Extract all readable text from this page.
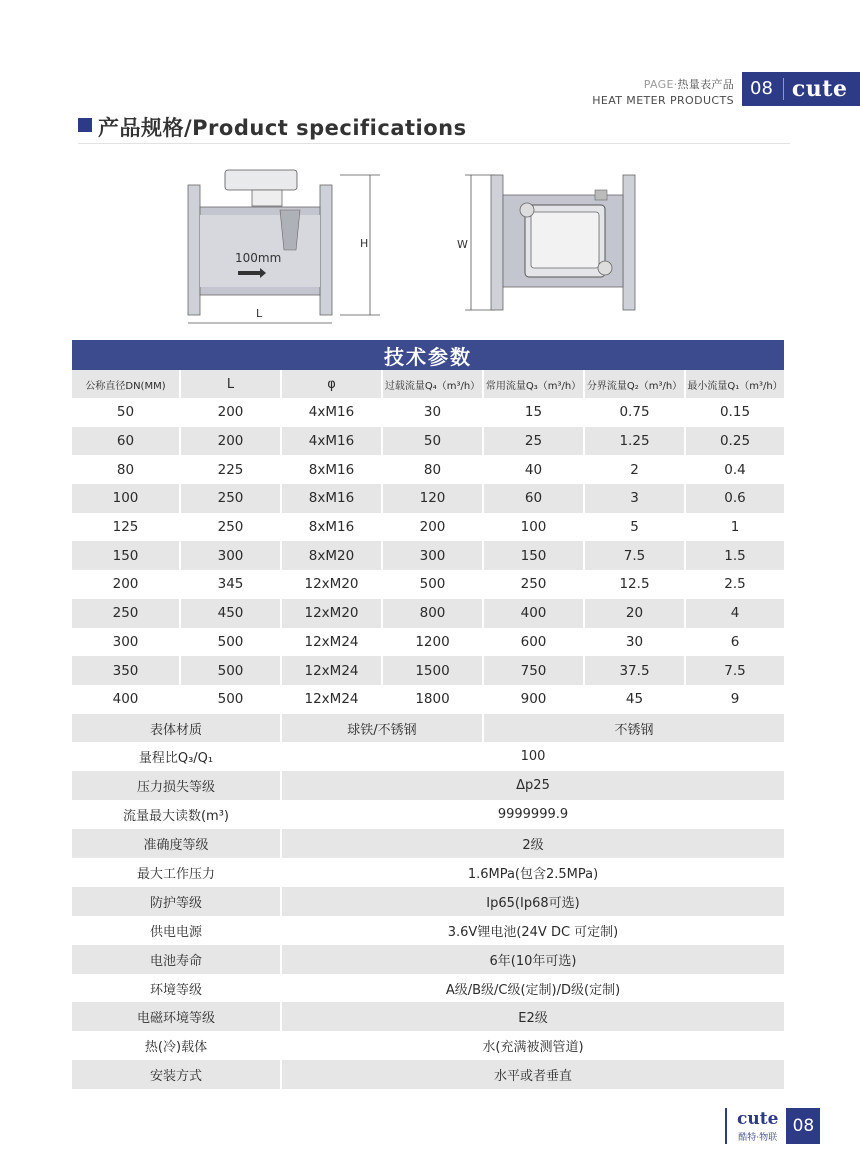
PAGE·热量表产品
HEAT METER PRODUCTS
08 cute
产品规格/Product specifications
H
100mm
L
W
技术参数
公称直径DN(MM)	L	φ	过载流量Q₄（m³/h）	常用流量Q₃（m³/h）	分界流量Q₂（m³/h）	最小流量Q₁（m³/h）
50	200	4xM16	30	15	0.75	0.15
60	200	4xM16	50	25	1.25	0.25
80	225	8xM16	80	40	2	0.4
100	250	8xM16	120	60	3	0.6
125	250	8xM16	200	100	5	1
150	300	8xM20	300	150	7.5	1.5
200	345	12xM20	500	250	12.5	2.5
250	450	12xM20	800	400	20	4
300	500	12xM24	1200	600	30	6
350	500	12xM24	1500	750	37.5	7.5
400	500	12xM24	1800	900	45	9
表体材质		球铁/不锈钢		不锈钢		
量程比Q₃/Q₁		100				
压力损失等级		Δp25				
流量最大读数(m³)		9999999.9				
准确度等级		2级				
最大工作压力		1.6MPa(包含2.5MPa)				
防护等级		Ip65(Ip68可选)				
供电电源		3.6V锂电池(24V DC 可定制)				
电池寿命		6年(10年可选)				
环境等级		A级/B级/C级(定制)/D级(定制)				
电磁环境等级		E2级				
热(冷)载体		水(充满被测管道)				
安装方式		水平或者垂直				
cute
酷特·物联
08
